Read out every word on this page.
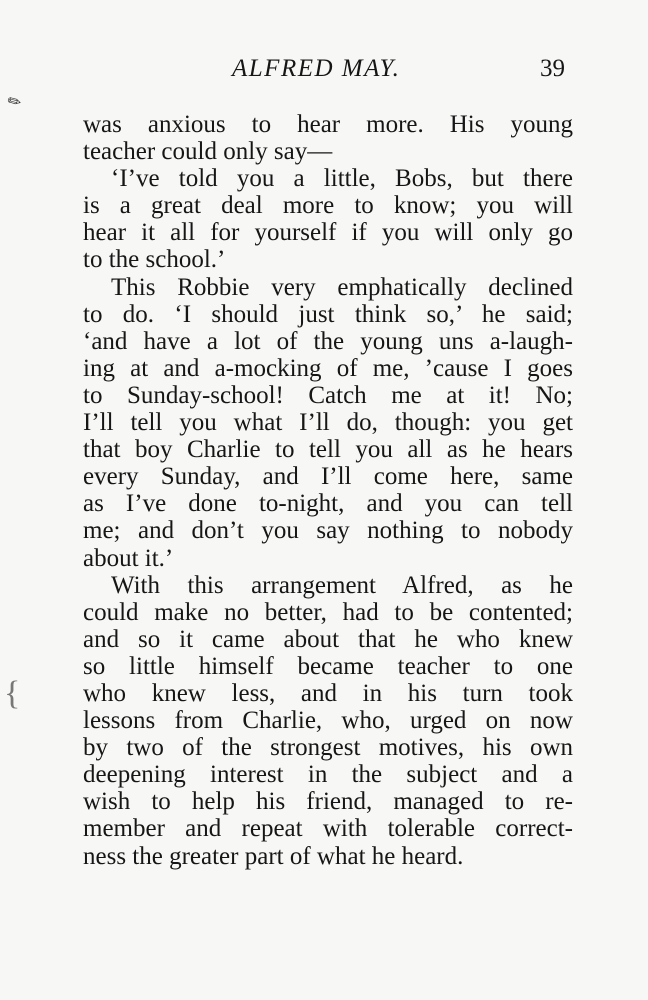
ALFRED MAY.	39
✎
{
was anxious to hear more. His young
teacher could only say—
‘I’ve told you a little, Bobs, but there
is a great deal more to know; you will
hear it all for yourself if you will only go
to the school.’
This Robbie very emphatically declined
to do. ‘I should just think so,’ he said;
‘and have a lot of the young uns a-laugh-
ing at and a-mocking of me, ’cause I goes
to Sunday-school! Catch me at it! No;
I’ll tell you what I’ll do, though: you get
that boy Charlie to tell you all as he hears
every Sunday, and I’ll come here, same
as I’ve done to-night, and you can tell
me; and don’t you say nothing to nobody
about it.’
With this arrangement Alfred, as he
could make no better, had to be contented;
and so it came about that he who knew
so little himself became teacher to one
who knew less, and in his turn took
lessons from Charlie, who, urged on now
by two of the strongest motives, his own
deepening interest in the subject and a
wish to help his friend, managed to re-
member and repeat with tolerable correct-
ness the greater part of what he heard.
